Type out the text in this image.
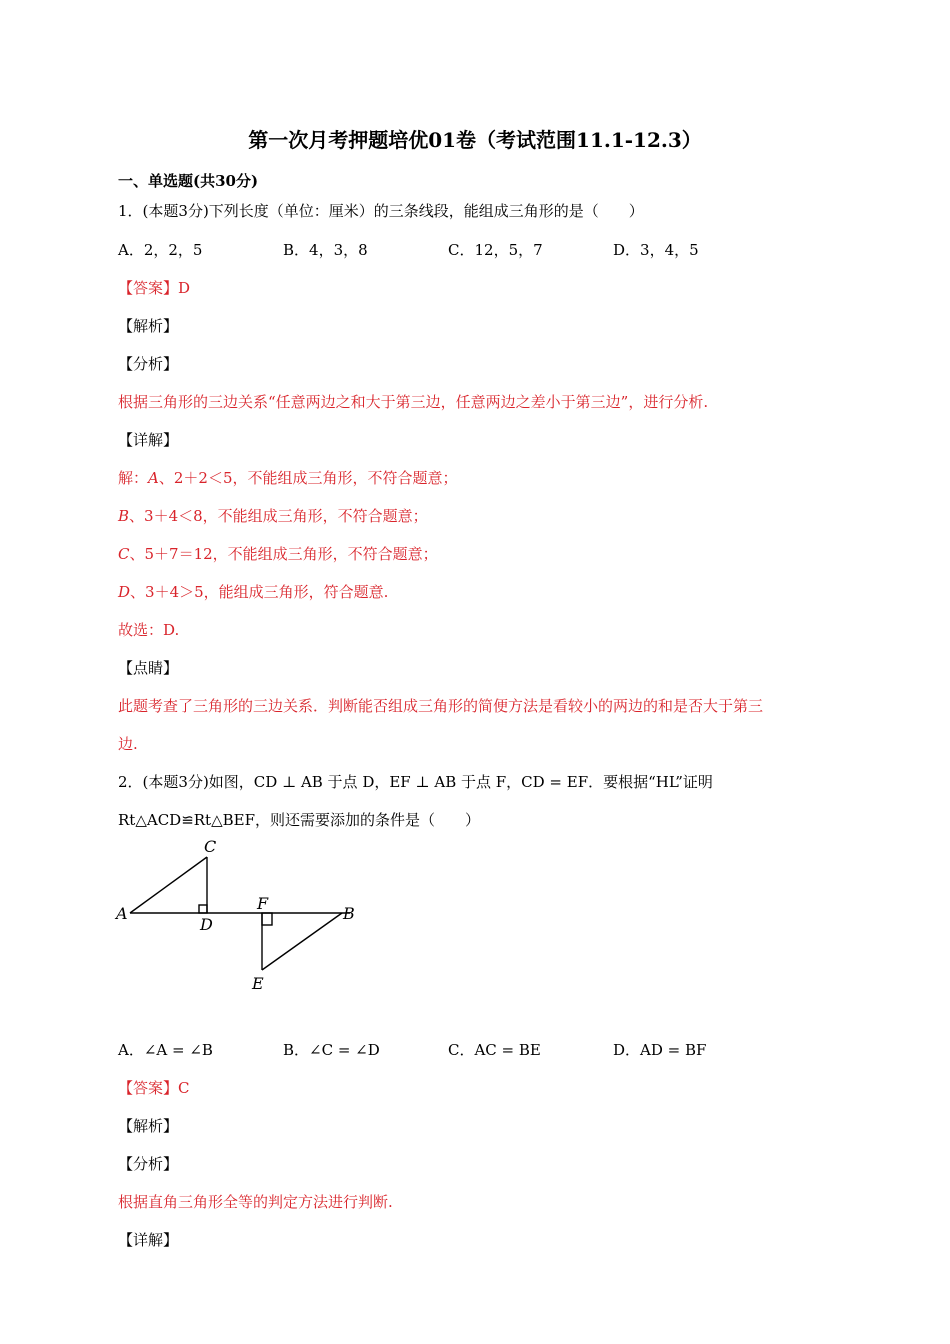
第一次月考押题培优01卷（考试范围11.1-12.3）
一、单选题(共30分)
1．(本题3分)下列长度（单位：厘米）的三条线段，能组成三角形的是（　　）
A．2，2，5	B．4，3，8	C．12，5，7	D．3，4，5
【答案】D
【解析】
【分析】
根据三角形的三边关系“任意两边之和大于第三边，任意两边之差小于第三边”，进行分析.
【详解】
解：A、2＋2＜5，不能组成三角形，不符合题意；
B、3＋4＜8，不能组成三角形，不符合题意；
C、5＋7＝12，不能组成三角形，不符合题意；
D、3＋4＞5，能组成三角形，符合题意.
故选：D.
【点睛】
此题考查了三角形的三边关系．判断能否组成三角形的简便方法是看较小的两边的和是否大于第三
边.
2．(本题3分)如图，CD ⊥ AB 于点 D，EF ⊥ AB 于点 F，CD = EF．要根据“HL”证明
Rt△ACD≌Rt△BEF，则还需要添加的条件是（　　）
C
A
D
F
B
E
A．∠A = ∠B	B．∠C = ∠D	C．AC = BE	D．AD = BF
【答案】C
【解析】
【分析】
根据直角三角形全等的判定方法进行判断.
【详解】
